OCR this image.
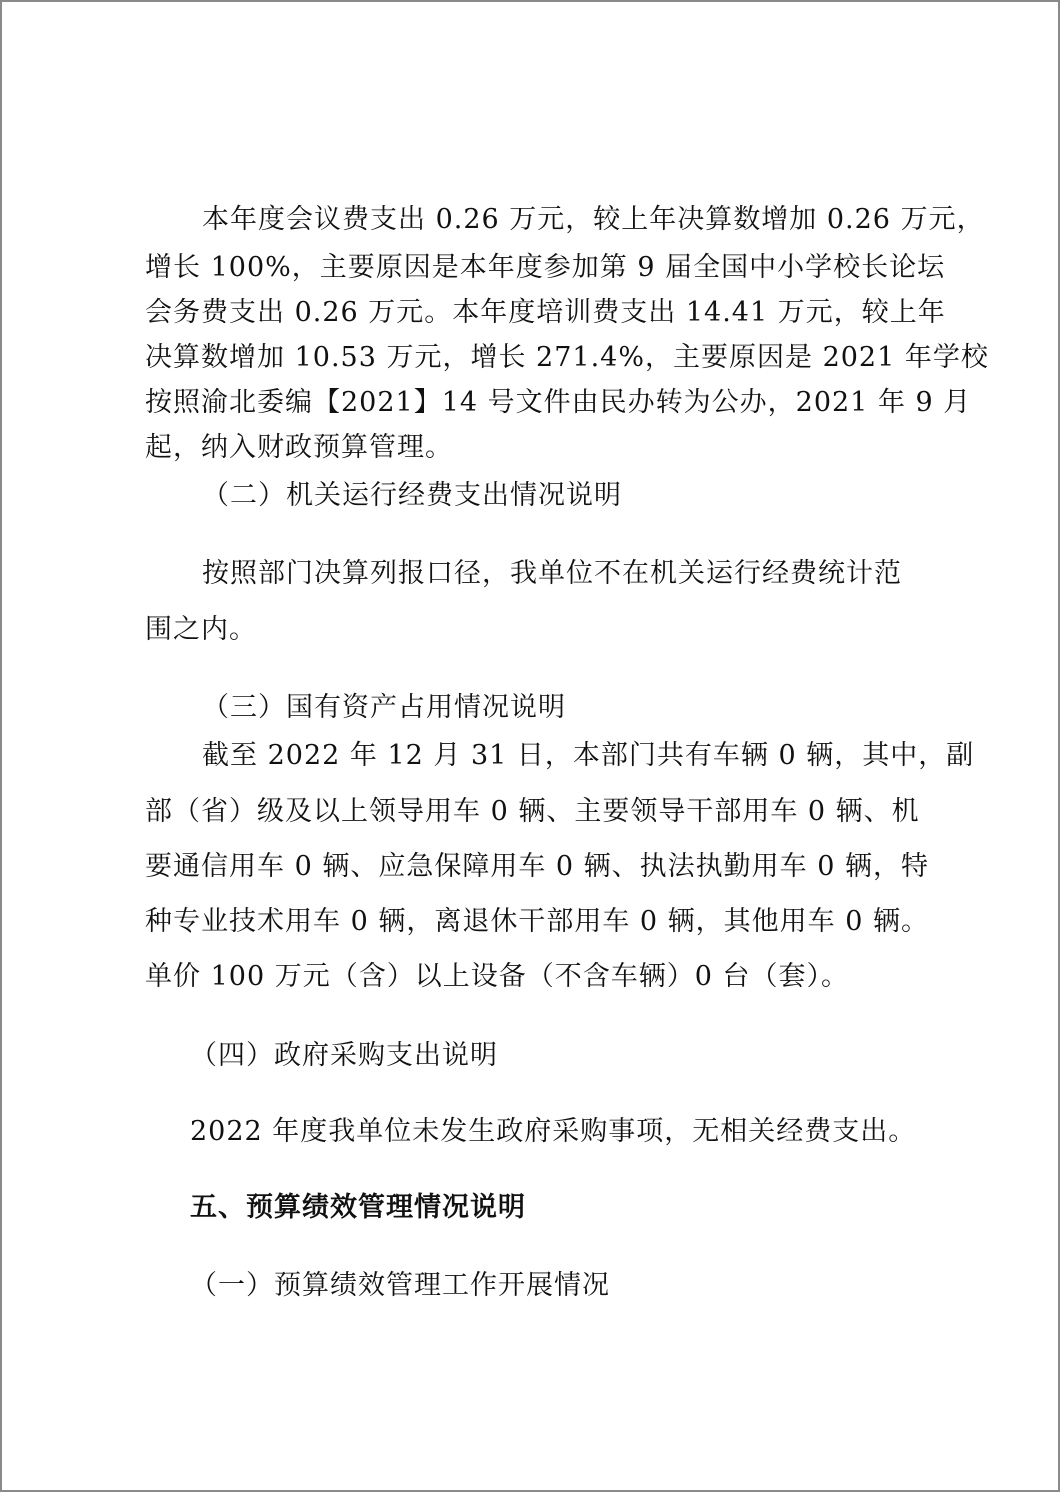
本年度会议费支出 0.26 万元，较上年决算数增加 0.26 万元，
增长 100%，主要原因是本年度参加第 9 届全国中小学校长论坛
会务费支出 0.26 万元。本年度培训费支出 14.41 万元，较上年
决算数增加 10.53 万元，增长 271.4%，主要原因是 2021 年学校
按照渝北委编【2021】14 号文件由民办转为公办，2021 年 9 月
起，纳入财政预算管理。
（二）机关运行经费支出情况说明
按照部门决算列报口径，我单位不在机关运行经费统计范
围之内。
（三）国有资产占用情况说明
截至 2022 年 12 月 31 日，本部门共有车辆 0 辆，其中，副
部（省）级及以上领导用车 0 辆、主要领导干部用车 0 辆、机
要通信用车 0 辆、应急保障用车 0 辆、执法执勤用车 0 辆，特
种专业技术用车 0 辆，离退休干部用车 0 辆，其他用车 0 辆。
单价 100 万元（含）以上设备（不含车辆）0 台（套）。
（四）政府采购支出说明
2022 年度我单位未发生政府采购事项，无相关经费支出。
五、预算绩效管理情况说明
（一）预算绩效管理工作开展情况
